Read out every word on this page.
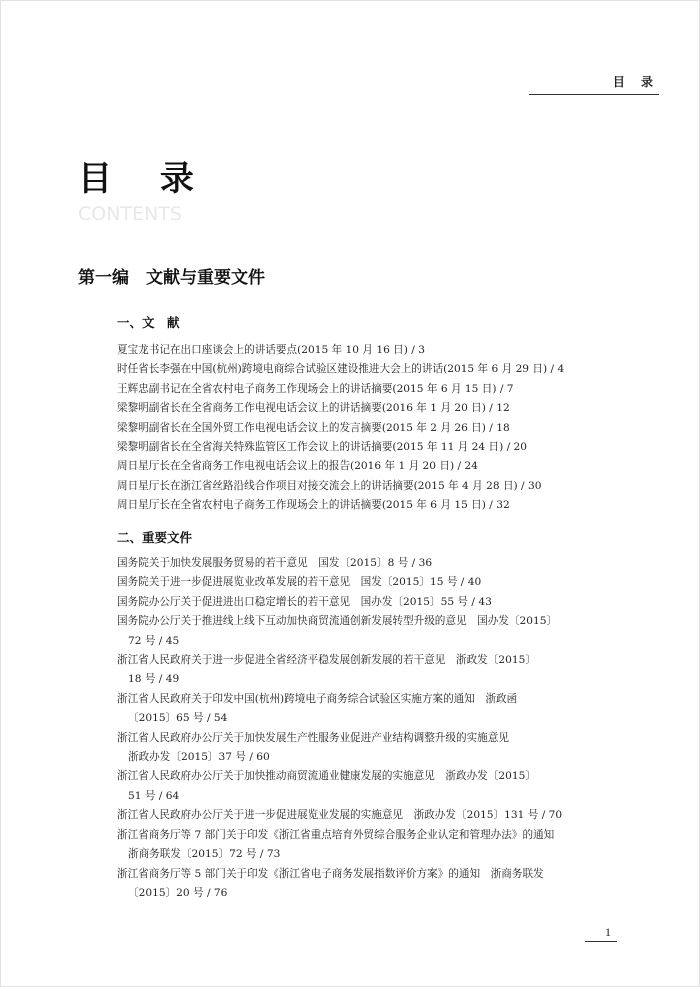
目 录
目 录
CONTENTS
第一编　文献与重要文件
一、文　献
夏宝龙书记在出口座谈会上的讲话要点(2015 年 10 月 16 日) / 3
时任省长李强在中国(杭州)跨境电商综合试验区建设推进大会上的讲话(2015 年 6 月 29 日) / 4
王辉忠副书记在全省农村电子商务工作现场会上的讲话摘要(2015 年 6 月 15 日) / 7
梁黎明副省长在全省商务工作电视电话会议上的讲话摘要(2016 年 1 月 20 日) / 12
梁黎明副省长在全国外贸工作电视电话会议上的发言摘要(2015 年 2 月 26 日) / 18
梁黎明副省长在全省海关特殊监管区工作会议上的讲话摘要(2015 年 11 月 24 日) / 20
周日星厅长在全省商务工作电视电话会议上的报告(2016 年 1 月 20 日) / 24
周日星厅长在浙江省丝路沿线合作项目对接交流会上的讲话摘要(2015 年 4 月 28 日) / 30
周日星厅长在全省农村电子商务工作现场会上的讲话摘要(2015 年 6 月 15 日) / 32
二、重要文件
国务院关于加快发展服务贸易的若干意见　国发〔2015〕8 号 / 36
国务院关于进一步促进展览业改革发展的若干意见　国发〔2015〕15 号 / 40
国务院办公厅关于促进进出口稳定增长的若干意见　国办发〔2015〕55 号 / 43
国务院办公厅关于推进线上线下互动加快商贸流通创新发展转型升级的意见　国办发〔2015〕
72 号 / 45
浙江省人民政府关于进一步促进全省经济平稳发展创新发展的若干意见　浙政发〔2015〕
18 号 / 49
浙江省人民政府关于印发中国(杭州)跨境电子商务综合试验区实施方案的通知　浙政函
〔2015〕65 号 / 54
浙江省人民政府办公厅关于加快发展生产性服务业促进产业结构调整升级的实施意见
浙政办发〔2015〕37 号 / 60
浙江省人民政府办公厅关于加快推动商贸流通业健康发展的实施意见　浙政办发〔2015〕
51 号 / 64
浙江省人民政府办公厅关于进一步促进展览业发展的实施意见　浙政办发〔2015〕131 号 / 70
浙江省商务厅等 7 部门关于印发《浙江省重点培育外贸综合服务企业认定和管理办法》的通知
浙商务联发〔2015〕72 号 / 73
浙江省商务厅等 5 部门关于印发《浙江省电子商务发展指数评价方案》的通知　浙商务联发
〔2015〕20 号 / 76
1
